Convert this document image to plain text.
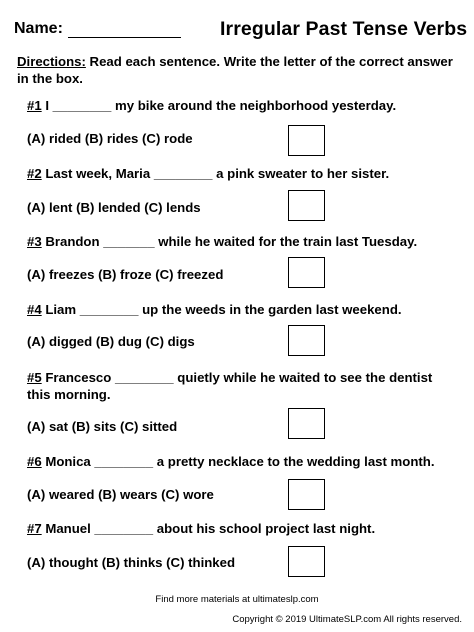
Name:	Irregular Past Tense Verbs
Directions: Read each sentence. Write the letter of the correct answer in the box.
#1 I ________ my bike around the neighborhood yesterday.
(A) rided (B) rides (C) rode
#2 Last week, Maria ________ a pink sweater to her sister.
(A) lent (B) lended (C) lends
#3 Brandon _______ while he waited for the train last Tuesday.
(A) freezes (B) froze (C) freezed
#4 Liam ________ up the weeds in the garden last weekend.
(A) digged (B) dug (C) digs
#5 Francesco ________ quietly while he waited to see the dentist this morning.
(A) sat (B) sits (C) sitted
#6 Monica ________ a pretty necklace to the wedding last month.
(A) weared (B) wears (C) wore
#7 Manuel ________ about his school project last night.
(A) thought (B) thinks (C) thinked
Find more materials at ultimateslp.com
Copyright © 2019 UltimateSLP.com All rights reserved.
